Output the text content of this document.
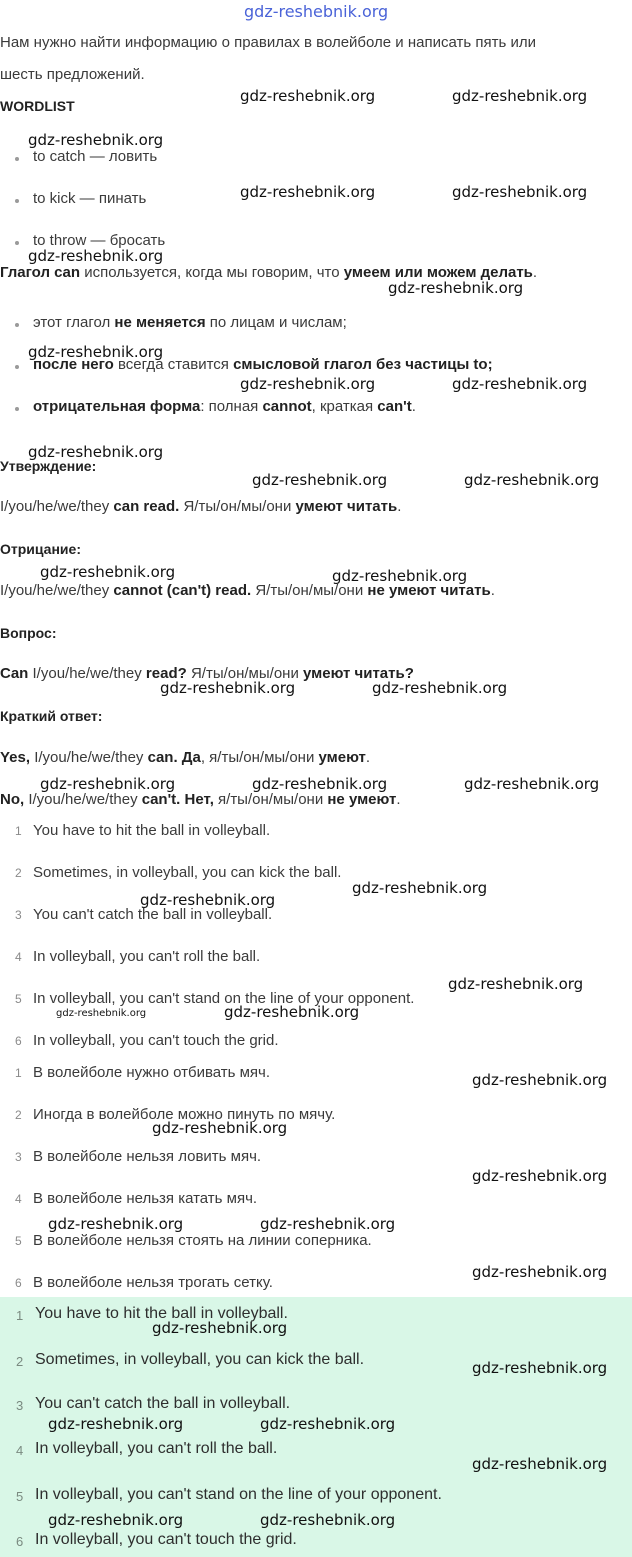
gdz-reshebnik.org
Нам нужно найти информацию о правилах в волейболе и написать пять или
шесть предложений.
WORDLIST
to catch — ловить
to kick — пинать
to throw — бросать
Глагол can используется, когда мы говорим, что умеем или можем делать.
этот глагол не меняется по лицам и числам;
после него всегда ставится смысловой глагол без частицы to;
отрицательная форма: полная cannot, краткая can't.
Утверждение:
I/you/he/we/they can read. Я/ты/он/мы/они умеют читать.
Отрицание:
I/you/he/we/they cannot (can't) read. Я/ты/он/мы/они не умеют читать.
Вопрос:
Can I/you/he/we/they read? Я/ты/он/мы/они умеют читать?
Краткий ответ:
Yes, I/you/he/we/they can. Да, я/ты/он/мы/они умеют.
No, I/you/he/we/they can't. Нет, я/ты/он/мы/они не умеют.
1 You have to hit the ball in volleyball.
2 Sometimes, in volleyball, you can kick the ball.
3 You can't catch the ball in volleyball.
4 In volleyball, you can't roll the ball.
5 In volleyball, you can't stand on the line of your opponent.
6 In volleyball, you can't touch the grid.
1 В волейболе нужно отбивать мяч.
2 Иногда в волейболе можно пинуть по мячу.
3 В волейболе нельзя ловить мяч.
4 В волейболе нельзя катать мяч.
5 В волейболе нельзя стоять на линии соперника.
6 В волейболе нельзя трогать сетку.
1 You have to hit the ball in volleyball.
2 Sometimes, in volleyball, you can kick the ball.
3 You can't catch the ball in volleyball.
4 In volleyball, you can't roll the ball.
5 In volleyball, you can't stand on the line of your opponent.
6 In volleyball, you can't touch the grid.
gdz-reshebnik.org	gdz-reshebnik.org
gdz-reshebnik.org
gdz-reshebnik.org	gdz-reshebnik.org
gdz-reshebnik.org
gdz-reshebnik.org
gdz-reshebnik.org
gdz-reshebnik.org	gdz-reshebnik.org
gdz-reshebnik.org
gdz-reshebnik.org	gdz-reshebnik.org
gdz-reshebnik.org	gdz-reshebnik.org
gdz-reshebnik.org	gdz-reshebnik.org
gdz-reshebnik.org	gdz-reshebnik.org	gdz-reshebnik.org
gdz-reshebnik.org
gdz-reshebnik.org
gdz-reshebnik.org
gdz-reshebnik.org	gdz-reshebnik.org
gdz-reshebnik.org
gdz-reshebnik.org
gdz-reshebnik.org
gdz-reshebnik.org	gdz-reshebnik.org
gdz-reshebnik.org
gdz-reshebnik.org
gdz-reshebnik.org
gdz-reshebnik.org	gdz-reshebnik.org
gdz-reshebnik.org
gdz-reshebnik.org	gdz-reshebnik.org
